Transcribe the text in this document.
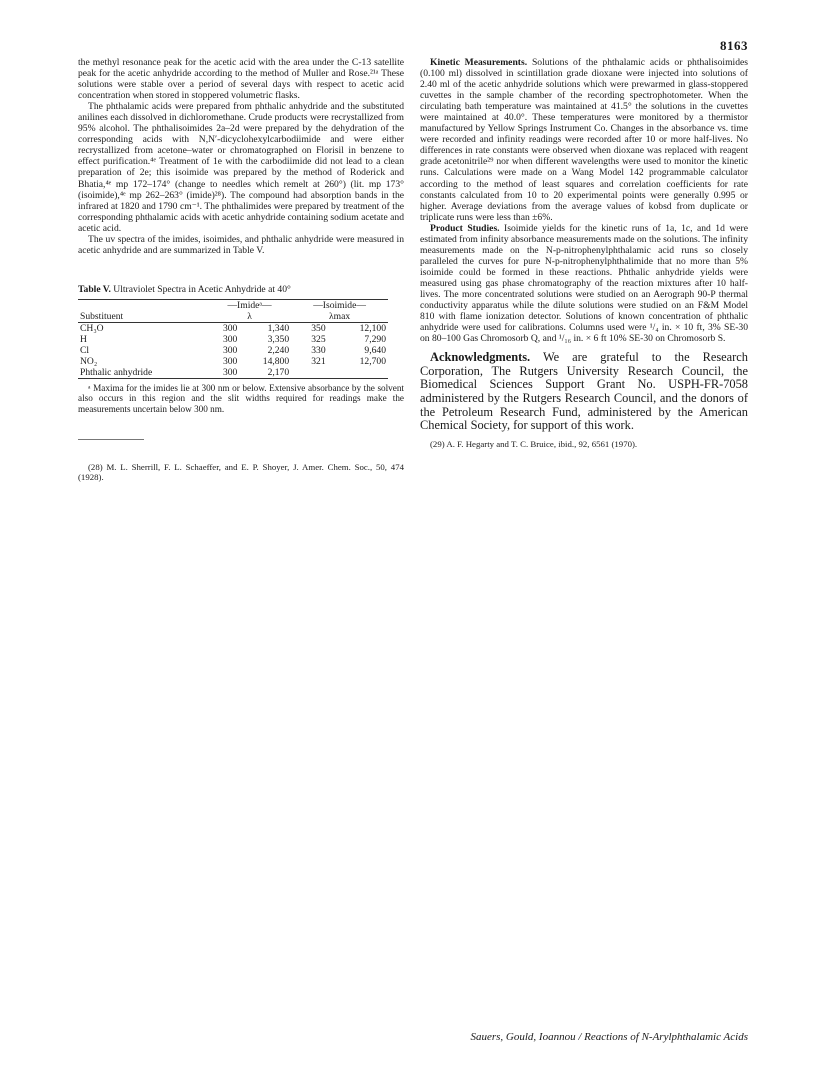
8163

the methyl resonance peak for the acetic acid with the area under the C-13 satellite peak for the acetic anhydride according to the method of Muller and Rose.²¹ᵃ These solutions were stable over a period of several days with respect to acetic acid concentration when stored in stoppered volumetric flasks.

The phthalamic acids were prepared from phthalic anhydride and the substituted anilines each dissolved in dichloromethane. Crude products were recrystallized from 95% alcohol. The phthalisoimides 2a–2d were prepared by the dehydration of the corresponding acids with N,N′-dicyclohexylcarbodiimide and were either recrystallized from acetone–water or chromatographed on Florisil in benzene to effect purification.⁴ᵉ Treatment of 1e with the carbodiimide did not lead to a clean preparation of 2e; this isoimide was prepared by the method of Roderick and Bhatia,⁴ᵉ mp 172–174° (change to needles which remelt at 260°) (lit. mp 173° (isoimide),⁴ᵉ mp 262–263° (imide)²⁸). The compound had absorption bands in the infrared at 1820 and 1790 cm⁻¹. The phthalimides were prepared by treatment of the corresponding phthalamic acids with acetic anhydride containing sodium acetate and acetic acid.

The uv spectra of the imides, isoimides, and phthalic anhydride were measured in acetic anhydride and are summarized in Table V.

Table V. Ultraviolet Spectra in Acetic Anhydride at 40°
	—Imideᵃ—		—Isoimide—	
Substituent	λ		λmax	
CH₃O	300	1,340	350	12,100
H	300	3,350	325	7,290
Cl	300	2,240	330	9,640
NO₂	300	14,800	321	12,700
Phthalic anhydride	300	2,170		
ᵃ Maxima for the imides lie at 300 nm or below. Extensive absorbance by the solvent also occurs in this region and the slit widths required for readings make the measurements uncertain below 300 nm.
(28) M. L. Sherrill, F. L. Schaeffer, and E. P. Shoyer, J. Amer. Chem. Soc., 50, 474 (1928).

Kinetic Measurements. Solutions of the phthalamic acids or phthalisoimides (0.100 ml) dissolved in scintillation grade dioxane were injected into solutions of 2.40 ml of the acetic anhydride solutions which were prewarmed in glass-stoppered cuvettes in the sample chamber of the recording spectrophotometer. When the circulating bath temperature was maintained at 41.5° the solutions in the cuvettes were maintained at 40.0°. These temperatures were monitored by a thermistor manufactured by Yellow Springs Instrument Co. Changes in the absorbance vs. time were recorded and infinity readings were recorded after 10 or more half-lives. No differences in rate constants were observed when dioxane was replaced with reagent grade acetonitrile²⁹ nor when different wavelengths were used to monitor the kinetic runs. Calculations were made on a Wang Model 142 programmable calculator according to the method of least squares and correlation coefficients for rate constants calculated from 10 to 20 experimental points were generally 0.995 or higher. Average deviations from the average values of kobsd from duplicate or triplicate runs were less than ±6%.

Product Studies. Isoimide yields for the kinetic runs of 1a, 1c, and 1d were estimated from infinity absorbance measurements made on the solutions. The infinity measurements made on the N-p-nitrophenylphthalamic acid runs so closely paralleled the curves for pure N-p-nitrophenylphthalimide that no more than 5% isoimide could be formed in these reactions. Phthalic anhydride yields were measured using gas phase chromatography of the reaction mixtures after 10 half-lives. The more concentrated solutions were studied on an Aerograph 90-P thermal conductivity apparatus while the dilute solutions were studied on an F&M Model 810 with flame ionization detector. Solutions of known concentration of phthalic anhydride were used for calibrations. Columns used were ¹/₄ in. × 10 ft, 3% SE-30 on 80–100 Gas Chromosorb Q, and ¹/₁₆ in. × 6 ft 10% SE-30 on Chromosorb S.

Acknowledgments. We are grateful to the Research Corporation, The Rutgers University Research Council, the Biomedical Sciences Support Grant No. USPH-FR-7058 administered by the Rutgers Research Council, and the donors of the Petroleum Research Fund, administered by the American Chemical Society, for support of this work.
(29) A. F. Hegarty and T. C. Bruice, ibid., 92, 6561 (1970).
Sauers, Gould, Ioannou / Reactions of N-Arylphthalamic Acids
